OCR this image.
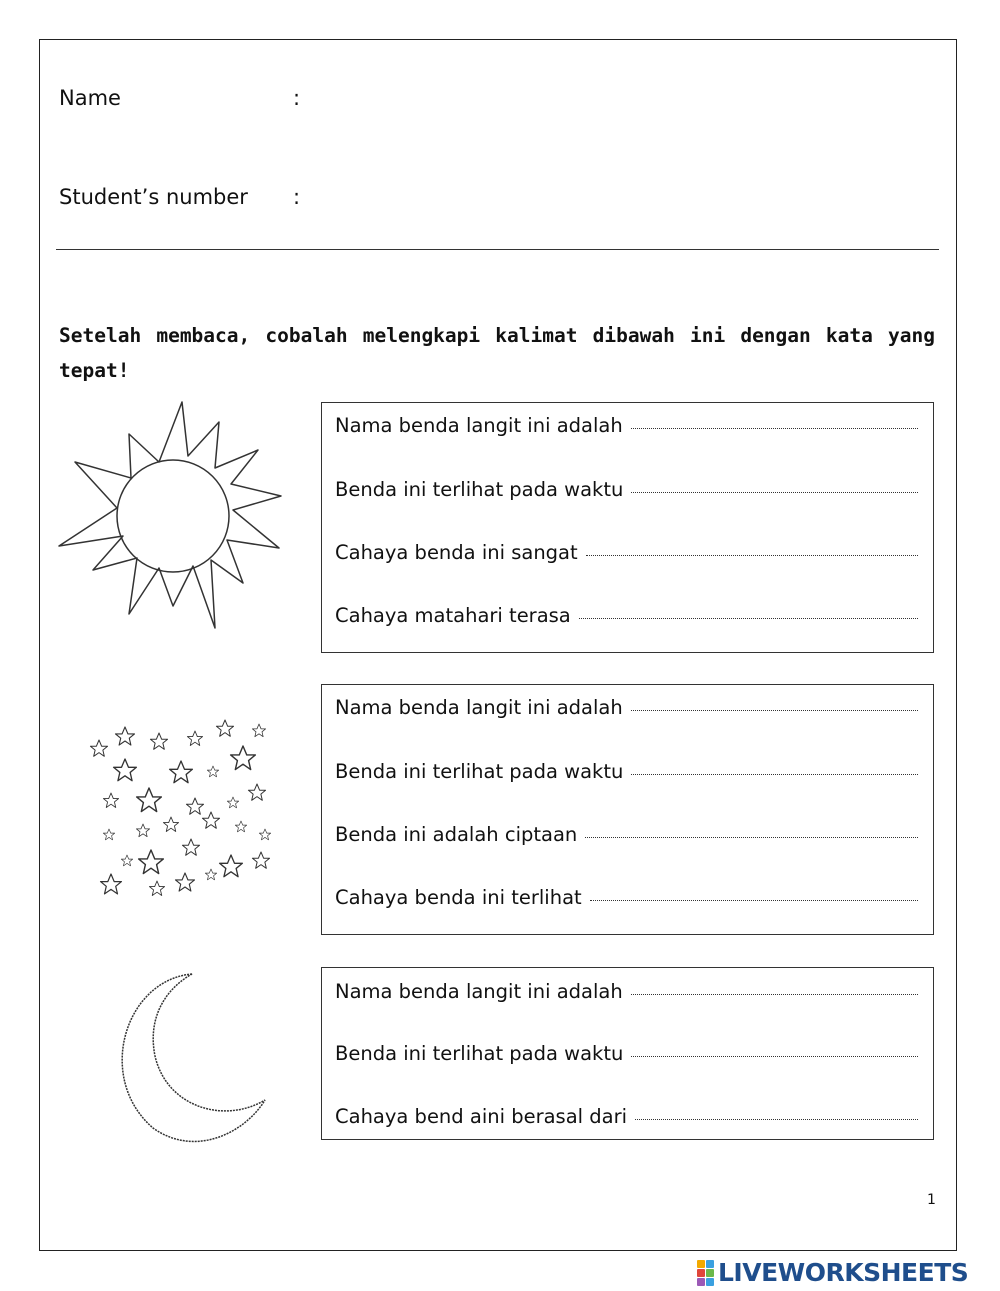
Name	:
Student’s number :
Setelah membaca, cobalah melengkapi kalimat dibawah ini dengan kata yang tepat!
Nama benda langit ini adalah
Benda ini terlihat pada waktu
Cahaya benda ini sangat
Cahaya matahari terasa
Nama benda langit ini adalah
Benda ini terlihat pada waktu
Benda ini adalah ciptaan
Cahaya benda ini terlihat
Nama benda langit ini adalah
Benda ini terlihat pada waktu
Cahaya bend aini berasal dari
1
LIVEWORKSHEETS
